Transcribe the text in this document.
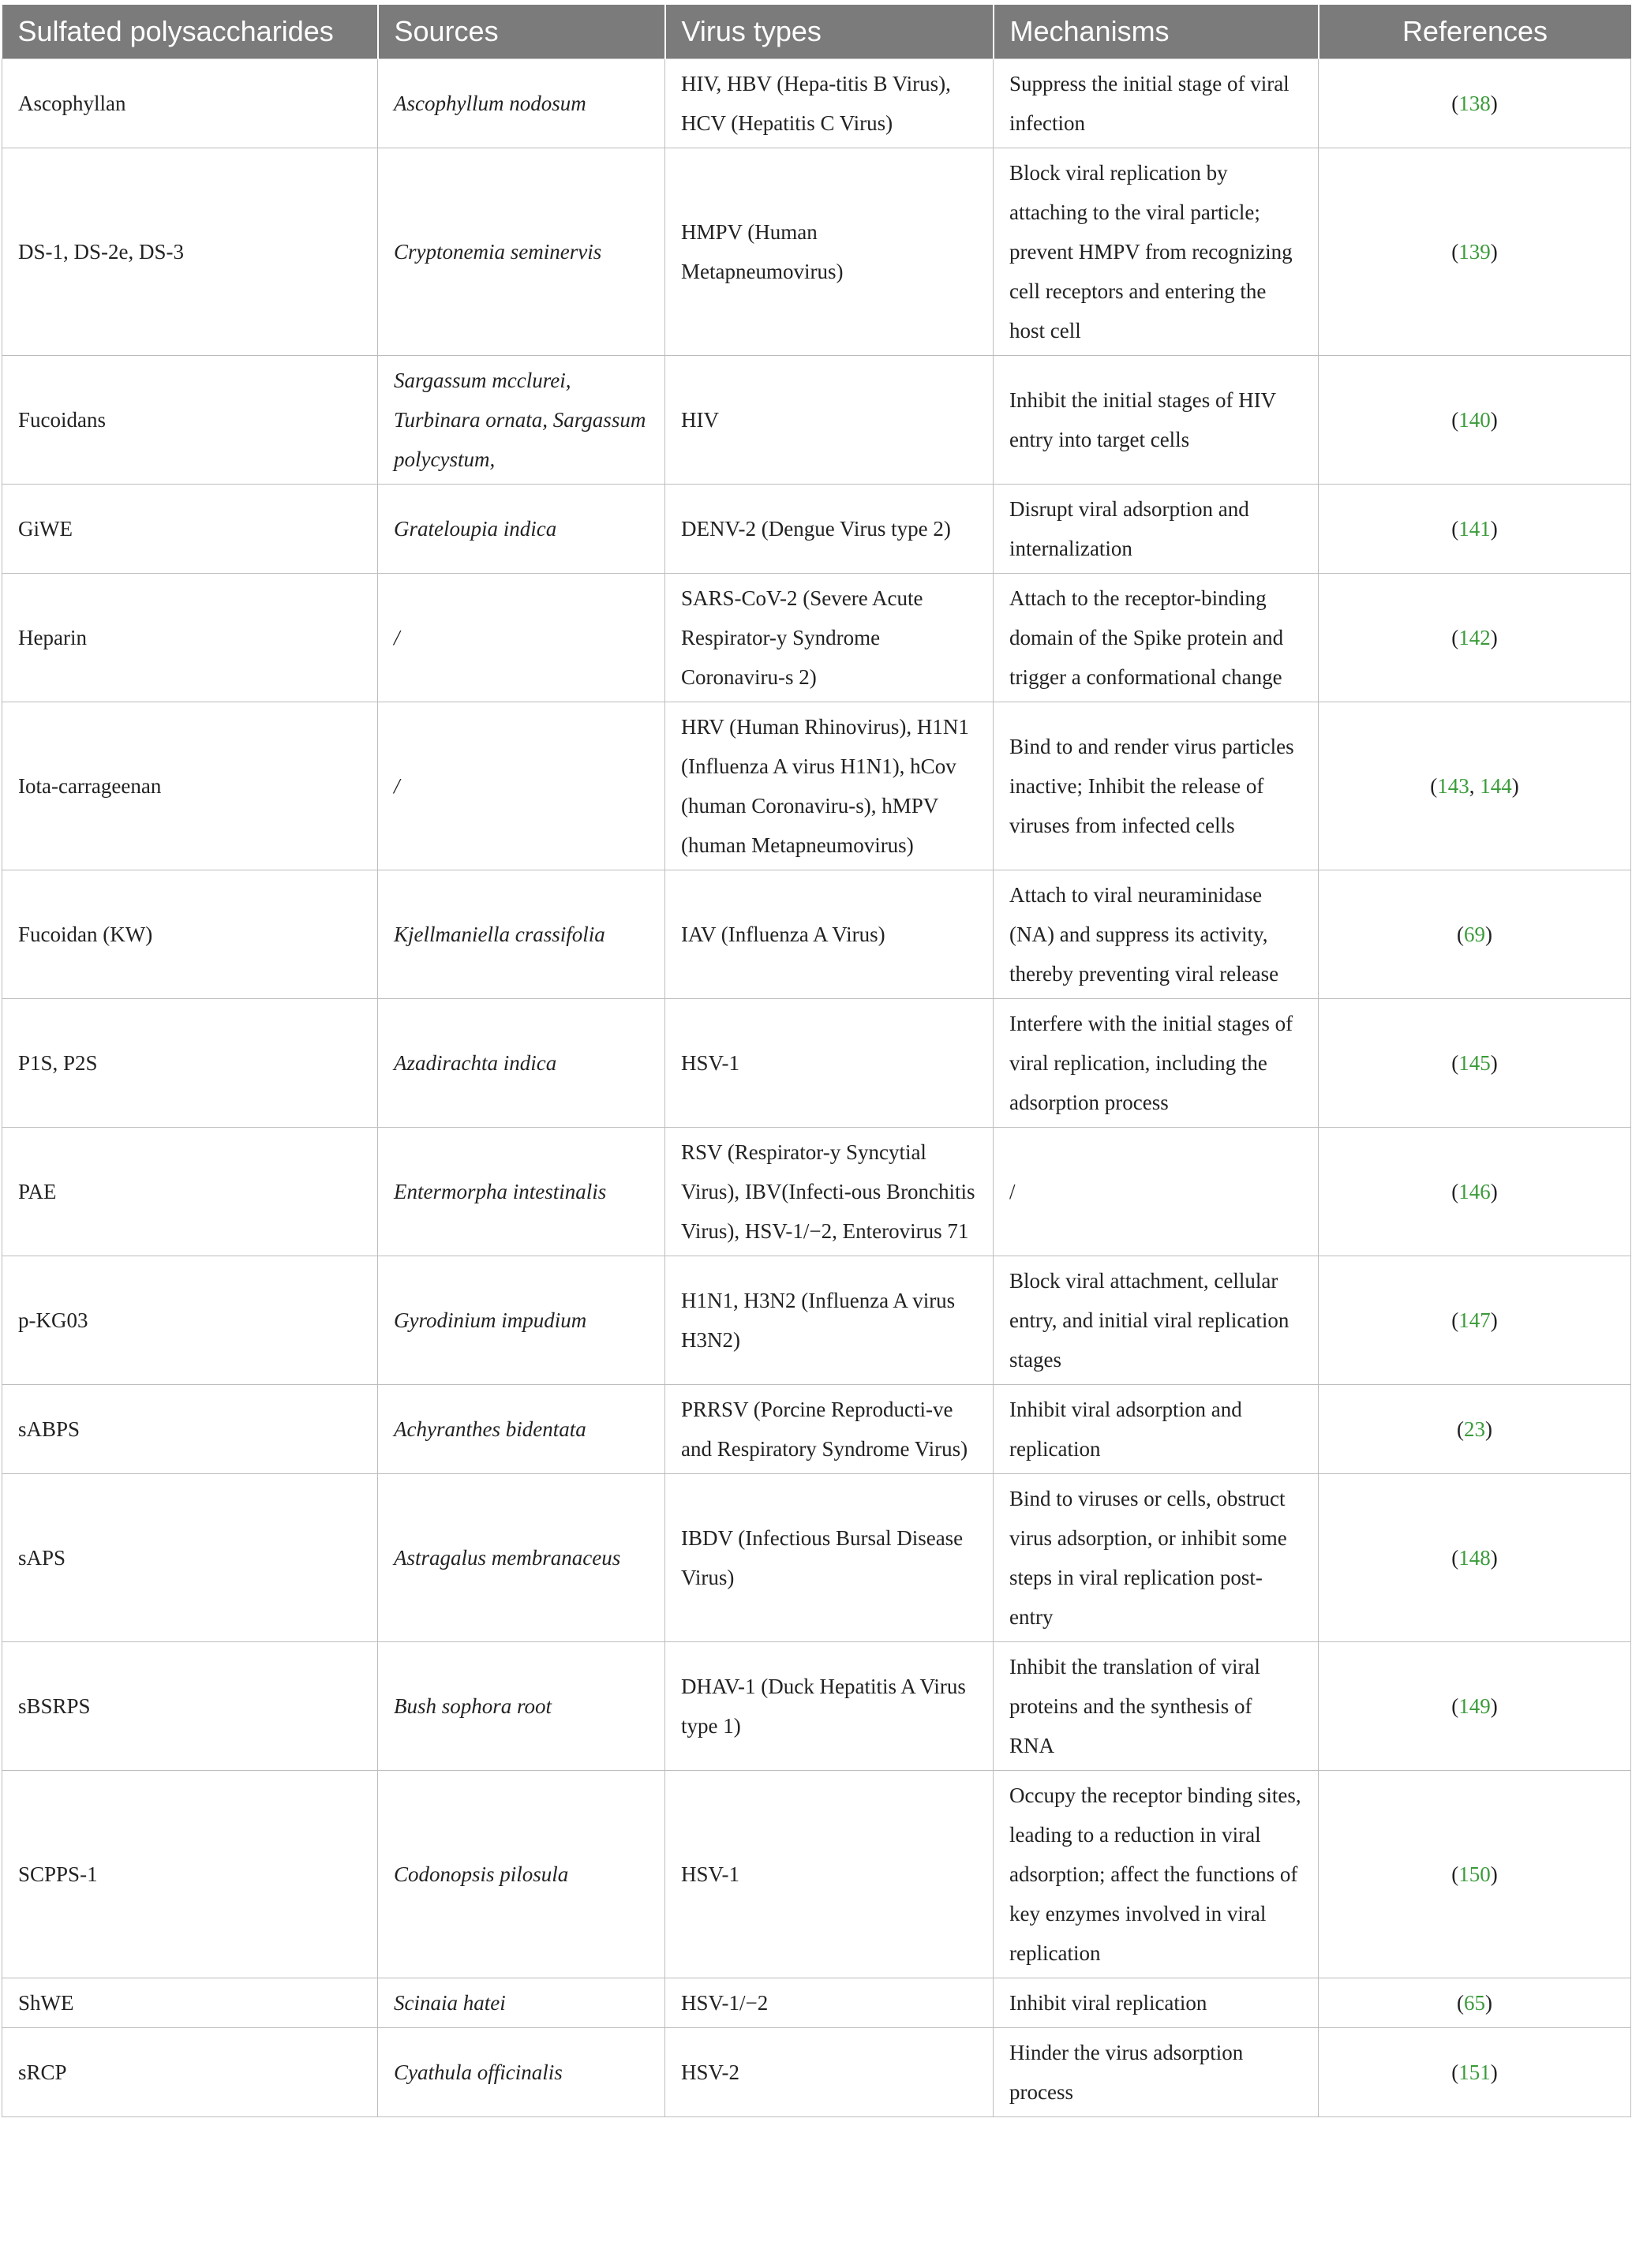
Sulfated polysaccharides	Sources	Virus types	Mechanisms	References
Ascophyllan	Ascophyllum nodosum	HIV, HBV (Hepa-titis B Virus), HCV (Hepatitis C Virus)	Suppress the initial stage of viral infection	(138)
DS-1, DS-2e, DS-3	Cryptonemia seminervis	HMPV (Human Metapneumovirus)	Block viral replication by attaching to the viral particle; prevent HMPV from recognizing cell receptors and entering the host cell	(139)
Fucoidans	Sargassum mcclurei, Turbinara ornata, Sargassum polycystum,	HIV	Inhibit the initial stages of HIV entry into target cells	(140)
GiWE	Grateloupia indica	DENV-2 (Dengue Virus type 2)	Disrupt viral adsorption and internalization	(141)
Heparin	/	SARS-CoV-2 (Severe Acute Respirator-y Syndrome Coronaviru-s 2)	Attach to the receptor-binding domain of the Spike protein and trigger a conformational change	(142)
Iota-carrageenan	/	HRV (Human Rhinovirus), H1N1 (Influenza A virus H1N1), hCov (human Coronaviru-s), hMPV (human Metapneumovirus)	Bind to and render virus particles inactive; Inhibit the release of viruses from infected cells	(143, 144)
Fucoidan (KW)	Kjellmaniella crassifolia	IAV (Influenza A Virus)	Attach to viral neuraminidase (NA) and suppress its activity, thereby preventing viral release	(69)
P1S, P2S	Azadirachta indica	HSV-1	Interfere with the initial stages of viral replication, including the adsorption process	(145)
PAE	Entermorpha intestinalis	RSV (Respirator-y Syncytial Virus), IBV(Infecti-ous Bronchitis Virus), HSV-1/−2, Enterovirus 71	/	(146)
p-KG03	Gyrodinium impudium	H1N1, H3N2 (Influenza A virus H3N2)	Block viral attachment, cellular entry, and initial viral replication stages	(147)
sABPS	Achyranthes bidentata	PRRSV (Porcine Reproducti-ve and Respiratory Syndrome Virus)	Inhibit viral adsorption and replication	(23)
sAPS	Astragalus membranaceus	IBDV (Infectious Bursal Disease Virus)	Bind to viruses or cells, obstruct virus adsorption, or inhibit some steps in viral replication post-entry	(148)
sBSRPS	Bush sophora root	DHAV-1 (Duck Hepatitis A Virus type 1)	Inhibit the translation of viral proteins and the synthesis of RNA	(149)
SCPPS-1	Codonopsis pilosula	HSV-1	Occupy the receptor binding sites, leading to a reduction in viral adsorption; affect the functions of key enzymes involved in viral replication	(150)
ShWE	Scinaia hatei	HSV-1/−2	Inhibit viral replication	(65)
sRCP	Cyathula officinalis	HSV-2	Hinder the virus adsorption process	(151)
